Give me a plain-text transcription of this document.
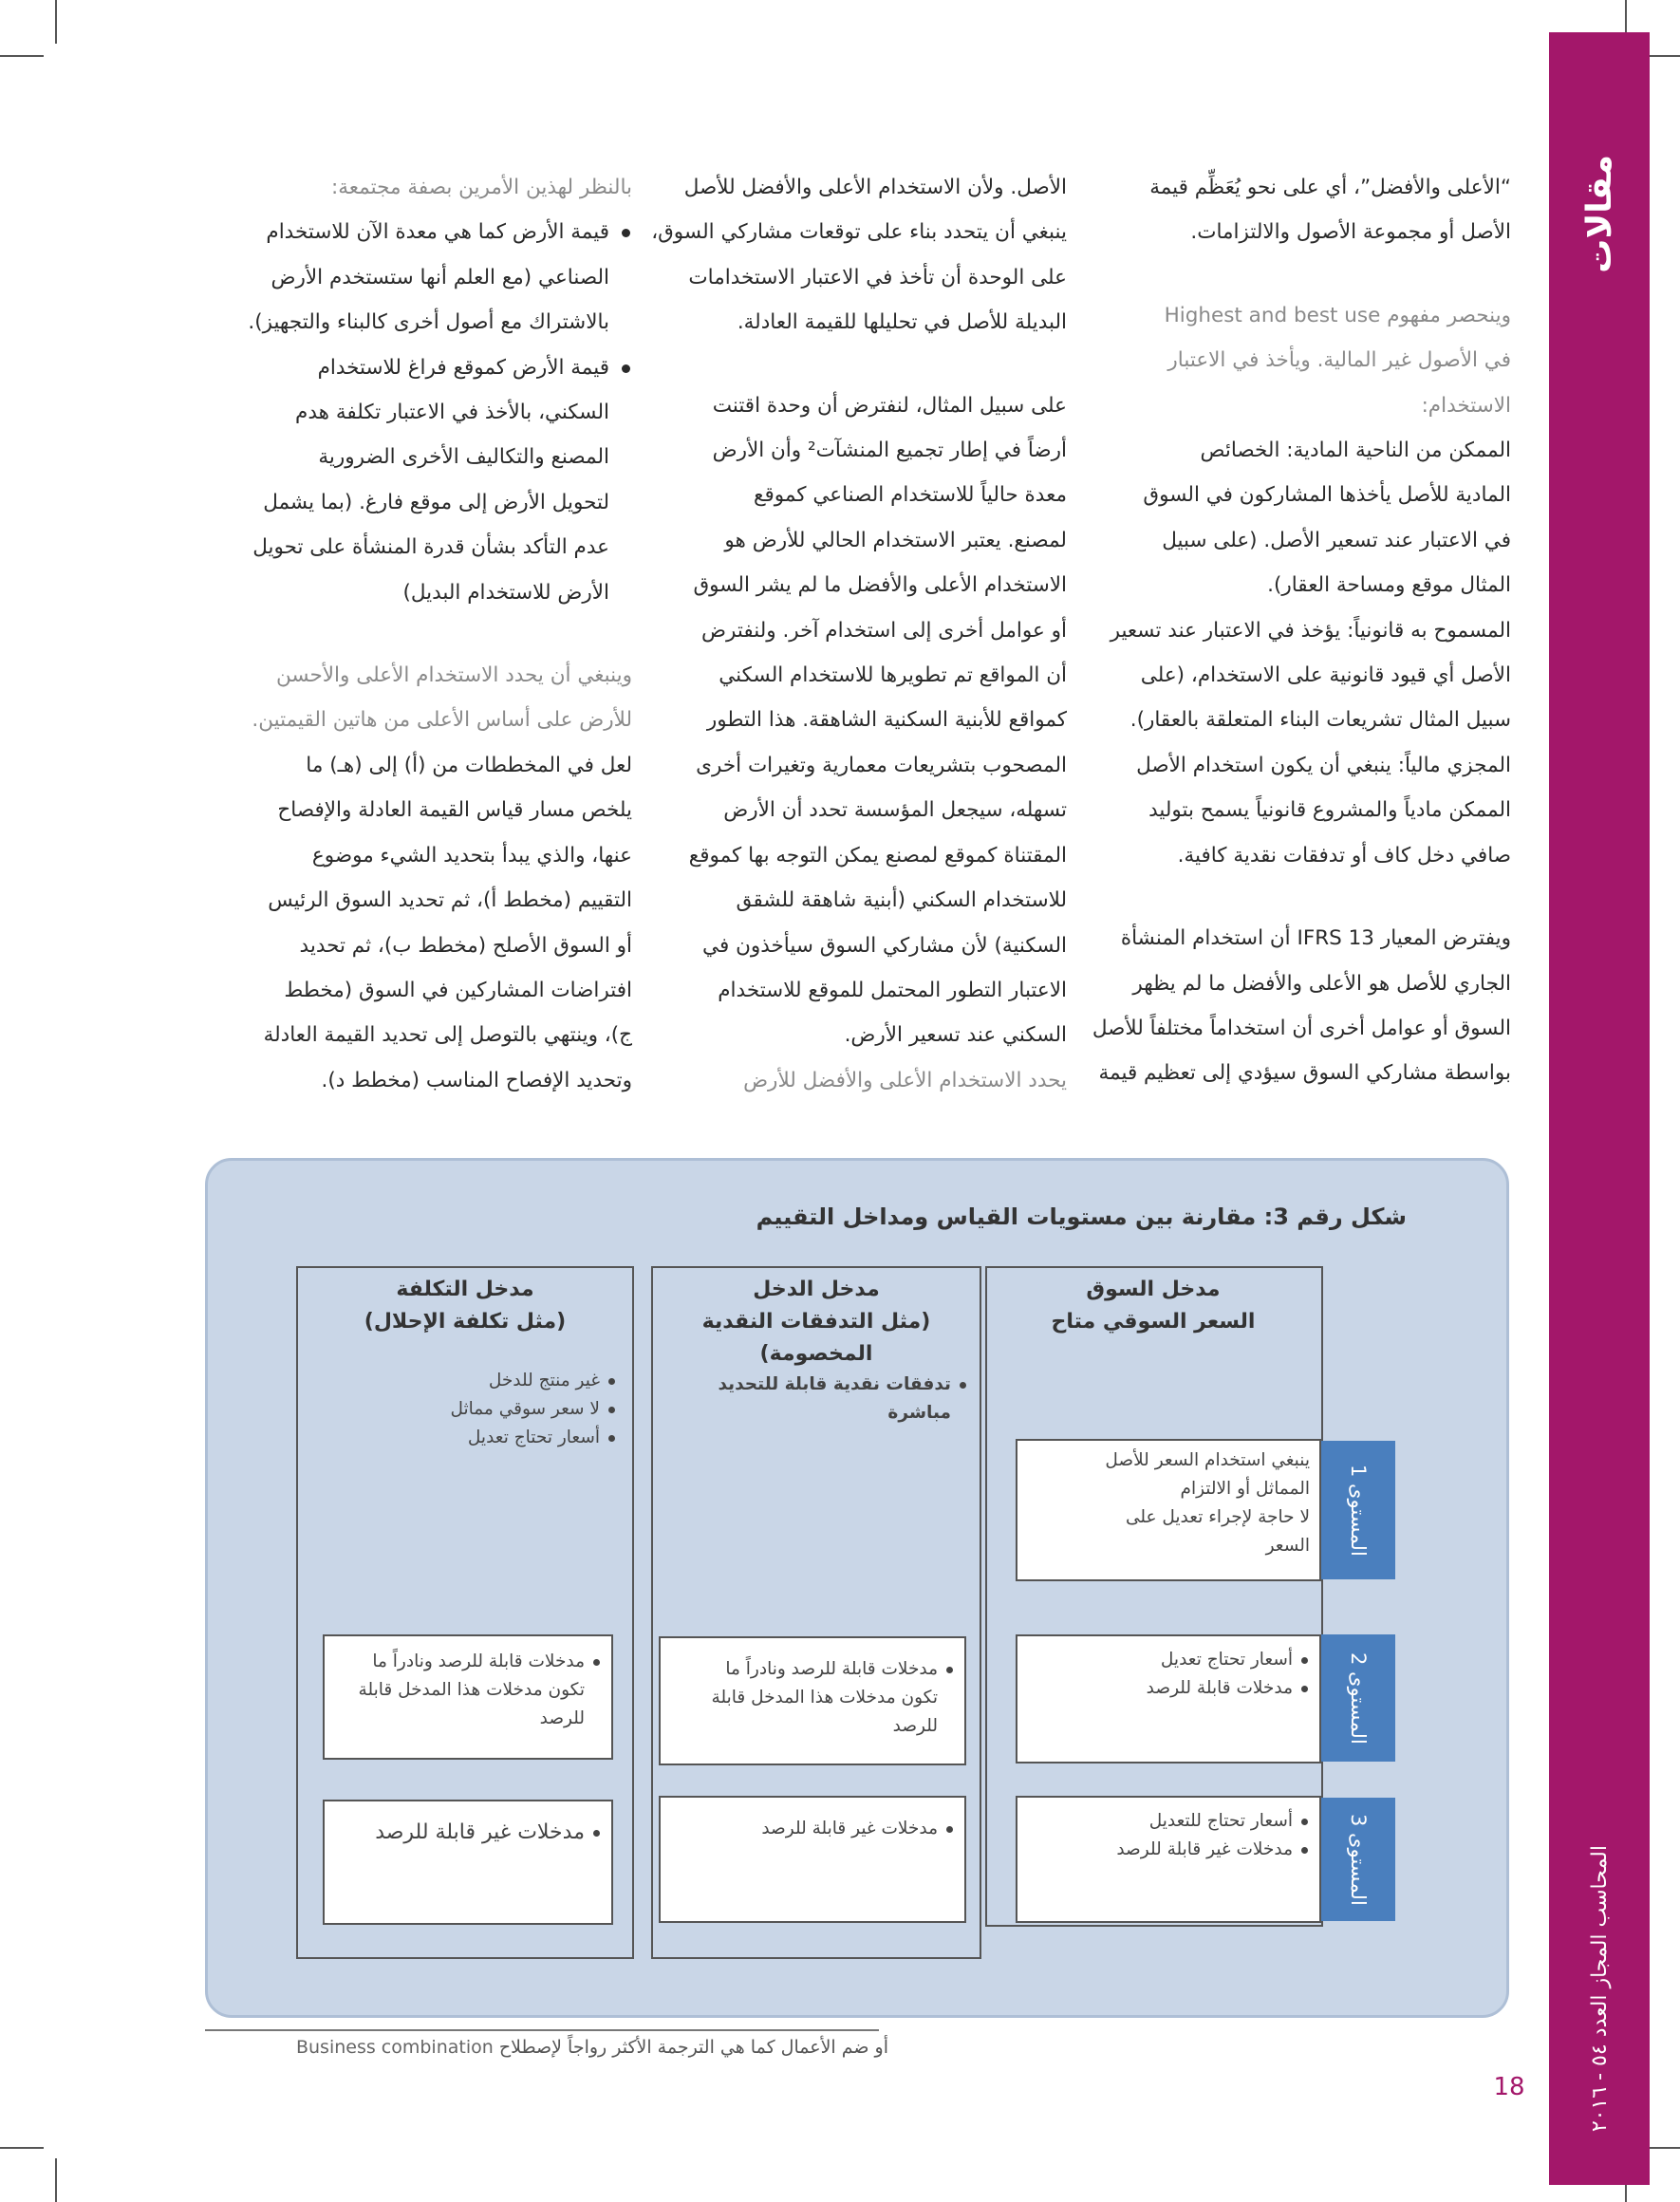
مقالات
المحاسب المجاز العدد ٥٤ - ٢٠١٦
18

“الأعلى والأفضل”، أي على نحو يُعَظِّم قيمة

الأصل أو مجموعة الأصول والالتزامات.

وينحصر مفهوم Highest and best use

في الأصول غير المالية. ويأخذ في الاعتبار

الاستخدام:

الممكن من الناحية المادية: الخصائص

المادية للأصل يأخذها المشاركون في السوق

في الاعتبار عند تسعير الأصل. (على سبيل

المثال موقع ومساحة العقار).

المسموح به قانونياً: يؤخذ في الاعتبار عند تسعير

الأصل أي قيود قانونية على الاستخدام، (على

سبيل المثال تشريعات البناء المتعلقة بالعقار).

المجزي مالياً: ينبغي أن يكون استخدام الأصل

الممكن مادياً والمشروع قانونياً يسمح بتوليد

صافي دخل كاف أو تدفقات نقدية كافية.

ويفترض المعيار IFRS 13 أن استخدام المنشأة

الجاري للأصل هو الأعلى والأفضل ما لم يظهر

السوق أو عوامل أخرى أن استخداماً مختلفاً للأصل

بواسطة مشاركي السوق سيؤدي إلى تعظيم قيمة

الأصل. ولأن الاستخدام الأعلى والأفضل للأصل

ينبغي أن يتحدد بناء على توقعات مشاركي السوق،

على الوحدة أن تأخذ في الاعتبار الاستخدامات

البديلة للأصل في تحليلها للقيمة العادلة.

على سبيل المثال، لنفترض أن وحدة اقتنت

أرضاً في إطار تجميع المنشآت² وأن الأرض

معدة حالياً للاستخدام الصناعي كموقع

لمصنع. يعتبر الاستخدام الحالي للأرض هو

الاستخدام الأعلى والأفضل ما لم يشر السوق

أو عوامل أخرى إلى استخدام آخر. ولنفترض

أن المواقع تم تطويرها للاستخدام السكني

كمواقع للأبنية السكنية الشاهقة. هذا التطور

المصحوب بتشريعات معمارية وتغيرات أخرى

تسهله، سيجعل المؤسسة تحدد أن الأرض

المقتناة كموقع لمصنع يمكن التوجه بها كموقع

للاستخدام السكني (أبنية شاهقة للشقق

السكنية) لأن مشاركي السوق سيأخذون في

الاعتبار التطور المحتمل للموقع للاستخدام

السكني عند تسعير الأرض.

يحدد الاستخدام الأعلى والأفضل للأرض

بالنظر لهذين الأمرين بصفة مجتمعة:

قيمة الأرض كما هي معدة الآن للاستخدام

الصناعي (مع العلم أنها ستستخدم الأرض

بالاشتراك مع أصول أخرى كالبناء والتجهيز).

قيمة الأرض كموقع فراغ للاستخدام

السكني، بالأخذ في الاعتبار تكلفة هدم

المصنع والتكاليف الأخرى الضرورية

لتحويل الأرض إلى موقع فارغ. (بما يشمل

عدم التأكد بشأن قدرة المنشأة على تحويل

الأرض للاستخدام البديل)

وينبغي أن يحدد الاستخدام الأعلى والأحسن

للأرض على أساس الأعلى من هاتين القيمتين.

لعل في المخططات من (أ) إلى (هـ) ما

يلخص مسار قياس القيمة العادلة والإفصاح

عنها، والذي يبدأ بتحديد الشيء موضوع

التقييم (مخطط أ)، ثم تحديد السوق الرئيس

أو السوق الأصلح (مخطط ب)، ثم تحديد

افتراضات المشاركين في السوق (مخطط

ج)، وينتهي بالتوصل إلى تحديد القيمة العادلة

وتحديد الإفصاح المناسب (مخطط د).

شكل رقم 3: مقارنة بين مستويات القياس ومداخل التقييم
مدخل السوق
السعر السوقي متاح
مدخل الدخل
(مثل التدفقات النقدية المخصومة)
مدخل التكلفة
(مثل تكلفة الإحلال)
تدفقات نقدية قابلة للتحديد مباشرة
غير منتج للدخل
لا سعر سوقي مماثل
أسعار تحتاج تعديل
المستوى 1
المستوى 2
المستوى 3
ينبغي استخدام السعر للأصل
المماثل أو الالتزام
لا حاجة لإجراء تعديل على
السعر
أسعار تحتاج تعديل
مدخلات قابلة للرصد
أسعار تحتاج للتعديل
مدخلات غير قابلة للرصد
مدخلات قابلة للرصد ونادراً ما
تكون مدخلات هذا المدخل قابلة
للرصد
مدخلات غير قابلة للرصد
مدخلات قابلة للرصد ونادراً ما
تكون مدخلات هذا المدخل قابلة
للرصد
مدخلات غير قابلة للرصد
أو ضم الأعمال كما هي الترجمة الأكثر رواجاً لإصطلاح Business combination
